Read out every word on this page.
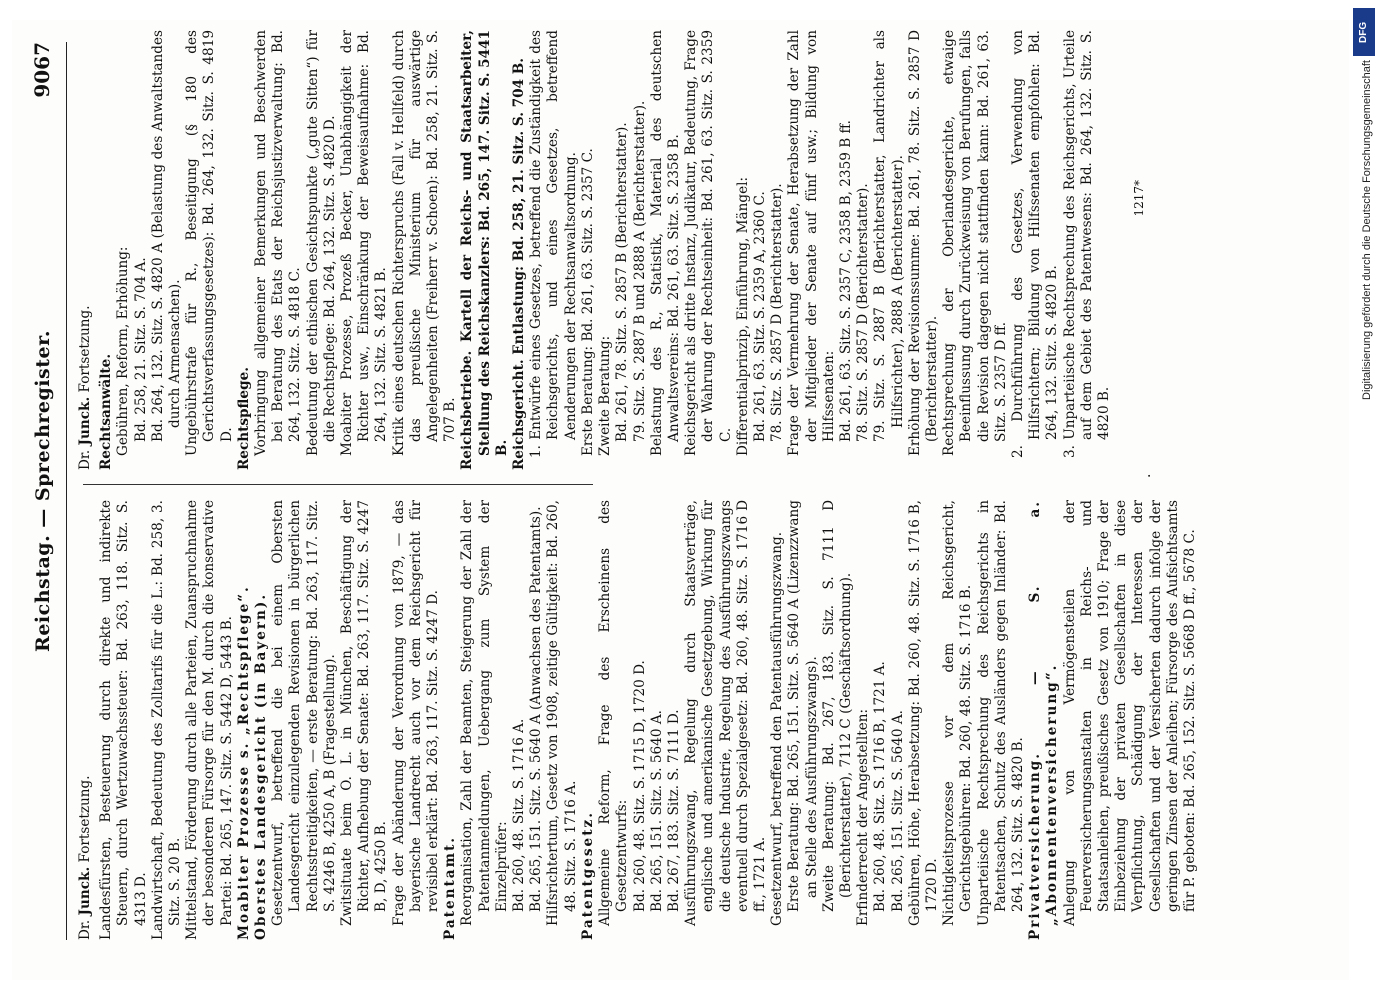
Reichstag. — Sprechregister.
9067
Dr. Junck. Fortsetzung. Landesfürsten, Besteuerung durch direkte und indirekte Steuern, durch Wertzuwachssteuer: Bd. 263, 118. Sitz. S. 4313 D. Landwirtschaft, Bedeutung des Zolltarifs für die L.: Bd. 258, 3. Sitz. S. 20 B. Mittelstand, Förderung durch alle Parteien, Zuanspruchnahme der besonderen Fürsorge für den M. durch die konservative Partei: Bd. 265, 147. Sitz. S. 5442 D, 5443 B. Moabiter Prozesse s. „Rechtspflege“. Oberstes Landesgericht (in Bayern). Gesetzentwurf, betreffend die bei einem Obersten Landesgericht einzulegenden Revisionen in bürgerlichen Rechtsstreitigkeiten, — erste Beratung: Bd. 263, 117. Sitz. S. 4246 B, 4250 A, B (Fragestellung). Zwitsituate beim O. L. in München, Beschäftigung der Richter, Aufhebung der Senate: Bd. 263, 117. Sitz. S. 4247 B, D, 4250 B. Frage der Abänderung der Verordnung von 1879, — das bayerische Landrecht auch vor dem Reichsgericht für revisibel erklärt: Bd. 263, 117. Sitz. S. 4247 D. Patentamt. Reorganisation, Zahl der Beamten, Steigerung der Zahl der Patentanmeldungen, Uebergang zum System der Einzelprüfer: Bd. 260, 48. Sitz. S. 1716 A. Bd. 265, 151. Sitz. S. 5640 A (Anwachsen des Patentamts). Hilfsrichtertum, Gesetz von 1908, zeitige Gültigkeit: Bd. 260, 48. Sitz. S. 1716 A. Patentgesetz. Allgemeine Reform, Frage des Erscheinens des Gesetzentwurfs: Bd. 260, 48. Sitz. S. 1715 D, 1720 D. Bd. 265, 151. Sitz. S. 5640 A. Bd. 267, 183. Sitz. S. 7111 D. Ausführungszwang, Regelung durch Staatsverträge, englische und amerikanische Gesetzgebung, Wirkung für die deutsche Industrie, Regelung des Ausführungszwangs eventuell durch Spezialgesetz: Bd. 260, 48. Sitz. S. 1716 D ff., 1721 A. Gesetzentwurf, betreffend den Patentausführungszwang. Erste Beratung: Bd. 265, 151. Sitz. S. 5640 A (Lizenzzwang an Stelle des Ausführungszwangs). Zweite Beratung: Bd. 267, 183. Sitz. S. 7111 D (Berichterstatter), 7112 C (Geschäftsordnung). Erfinderrecht der Angestellten: Bd. 260, 48. Sitz. S. 1716 B, 1721 A. Bd. 265, 151. Sitz. S. 5640 A. Gebühren, Höhe, Herabsetzung: Bd. 260, 48. Sitz. S. 1716 B, 1720 D. Nichtigkeitsprozesse vor dem Reichsgericht, Gerichtsgebühren: Bd. 260, 48. Sitz. S. 1716 B. Unparteiische Rechtsprechung des Reichsgerichts in Patentsachen, Schutz des Ausländers gegen Inländer: Bd. 264, 132. Sitz. S. 4820 B. Privatversicherung. — S. a. „Abonnentenversicherung“. Anlegung von Vermögensteilen der Feuerversicherungsanstalten in Reichs- und Staatsanleihen, preußisches Gesetz von 1910; Frage der Einbeziehung der privaten Gesellschaften in diese Verpflichtung, Schädigung der Interessen der Gesellschaften und der Versicherten dadurch infolge der geringen Zinsen der Anleihen; Fürsorge des Aufsichtsamts für P. geboten: Bd. 265, 152. Sitz. S. 5668 D ff., 5678 C.

·
Dr. Junck. Fortsetzung.

Rechtsanwälte. Gebühren, Reform, Erhöhung: Bd. 258, 21. Sitz. S. 704 A. Bd. 264, 132. Sitz. S. 4820 A (Belastung des Anwaltstandes durch Armensachen). Ungebührstrafe für R., Beseitigung (§ 180 des Gerichtsverfassungsgesetzes): Bd. 264, 132. Sitz. S. 4819 D. Rechtspflege. Vorbringung allgemeiner Bemerkungen und Beschwerden bei Beratung des Etats der Reichsjustizverwaltung: Bd. 264, 132. Sitz. S. 4818 C. Bedeutung der ethischen Gesichtspunkte („gute Sitten“) für die Rechtspflege: Bd. 264, 132. Sitz. S. 4820 D. Moabiter Prozesse, Prozeß Becker, Unabhängigkeit der Richter usw., Einschränkung der Beweisaufnahme: Bd. 264, 132. Sitz. S. 4821 B. Kritik eines deutschen Richterspruchs (Fall v. Hellfeld) durch das preußische Ministerium für auswärtige Angelegenheiten (Freiherr v. Schoen): Bd. 258, 21. Sitz. S. 707 B. Reichsbetriebe. Kartell der Reichs- und Staatsarbeiter, Stellung des Reichskanzlers: Bd. 265, 147. Sitz. S. 5441 B. Reichsgericht. Entlastung: Bd. 258, 21. Sitz. S. 704 B. 1. Entwürfe eines Gesetzes, betreffend die Zuständigkeit des Reichsgerichts, und eines Gesetzes, betreffend Aenderungen der Rechtsanwaltsordnung. Erste Beratung: Bd. 261, 63. Sitz. S. 2357 C. Zweite Beratung: Bd. 261, 78. Sitz. S. 2857 B (Berichterstatter). 79. Sitz. S. 2887 B und 2888 A (Berichterstatter). Belastung des R., Statistik, Material des deutschen Anwaltsvereins: Bd. 261, 63. Sitz. S. 2358 B. Reichsgericht als dritte Instanz, Judikatur, Bedeutung, Frage der Wahrung der Rechtseinheit: Bd. 261, 63. Sitz. S. 2359 C. Differentialprinzip, Einführung, Mängel: Bd. 261, 63. Sitz. S. 2359 A, 2360 C. 78. Sitz. S. 2857 D (Berichterstatter). Frage der Vermehrung der Senate, Herabsetzung der Zahl der Mitglieder der Senate auf fünf usw.; Bildung von Hilfssenaten: Bd. 261, 63. Sitz. S. 2357 C, 2358 B, 2359 B ff. 78. Sitz. S. 2857 D (Berichterstatter). 79. Sitz. S. 2887 B (Berichterstatter, Landrichter als Hilfsrichter), 2888 A (Berichterstatter). Erhöhung der Revisionssumme: Bd. 261, 78. Sitz. S. 2857 D (Berichterstatter). Rechtsprechung der Oberlandesgerichte, etwaige Beeinflussung durch Zurückweisung von Berufungen, falls die Revision dagegen nicht stattfinden kann: Bd. 261, 63. Sitz. S. 2357 D ff. 2. Durchführung des Gesetzes, Verwendung von Hilfsrichtern; Bildung von Hilfssenaten empfohlen: Bd. 264, 132. Sitz. S. 4820 B. 3. Unparteiische Rechtsprechung des Reichsgerichts, Urteile auf dem Gebiet des Patentwesens: Bd. 264, 132. Sitz. S. 4820 B.

1217*
DFG
Digitalisierung gefördert durch die Deutsche Forschungsgemeinschaft
